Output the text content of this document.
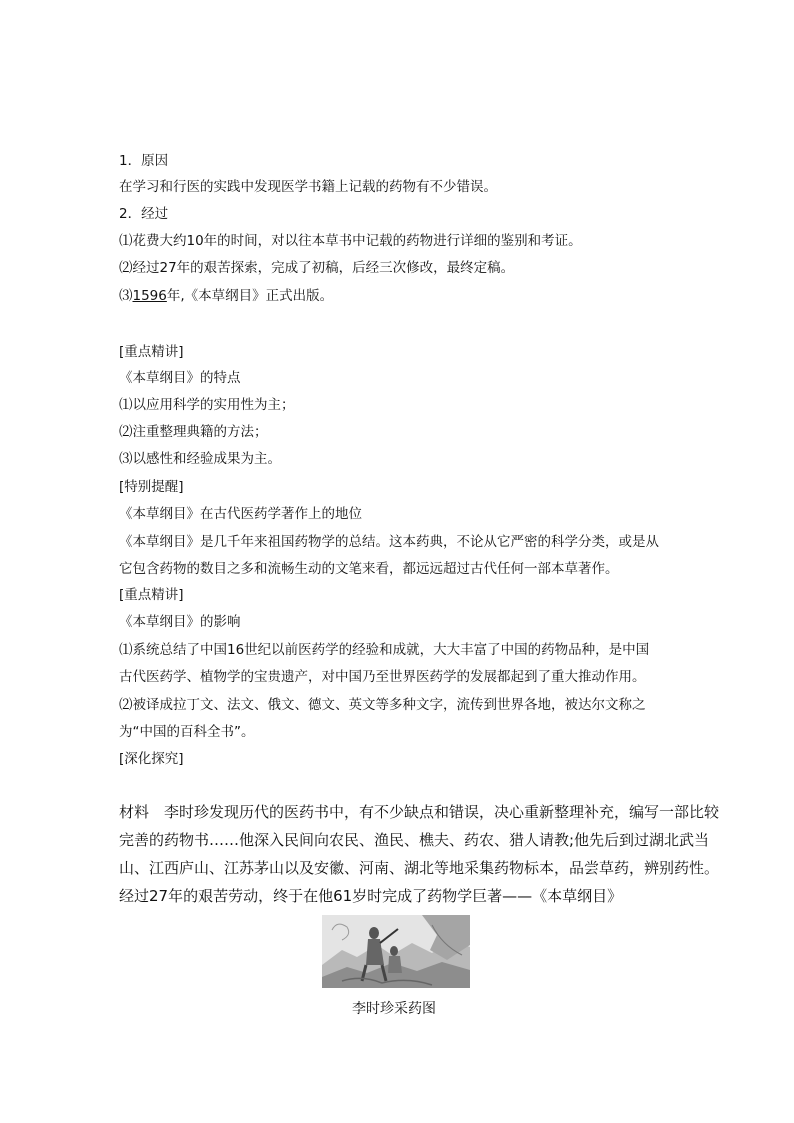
1．原因
在学习和行医的实践中发现医学书籍上记载的药物有不少错误。
2．经过
⑴花费大约10年的时间，对以往本草书中记载的药物进行详细的鉴别和考证。
⑵经过27年的艰苦探索，完成了初稿，后经三次修改，最终定稿。
⑶1596年,《本草纲目》正式出版。
[重点精讲]
《本草纲目》的特点
⑴以应用科学的实用性为主；
⑵注重整理典籍的方法；
⑶以感性和经验成果为主。
[特别提醒]
《本草纲目》在古代医药学著作上的地位
《本草纲目》是几千年来祖国药物学的总结。这本药典，不论从它严密的科学分类，或是从
它包含药物的数目之多和流畅生动的文笔来看，都远远超过古代任何一部本草著作。
[重点精讲]
《本草纲目》的影响
⑴系统总结了中国16世纪以前医药学的经验和成就，大大丰富了中国的药物品种，是中国
古代医药学、植物学的宝贵遗产，对中国乃至世界医药学的发展都起到了重大推动作用。
⑵被译成拉丁文、法文、俄文、德文、英文等多种文字，流传到世界各地，被达尔文称之
为“中国的百科全书”。
[深化探究]
材料　李时珍发现历代的医药书中，有不少缺点和错误，决心重新整理补充，编写一部比较
完善的药物书……他深入民间向农民、渔民、樵夫、药农、猎人请教;他先后到过湖北武当
山、江西庐山、江苏茅山以及安徽、河南、湖北等地采集药物标本，品尝草药，辨别药性。
经过27年的艰苦劳动，终于在他61岁时完成了药物学巨著——《本草纲目》
李时珍采药图
